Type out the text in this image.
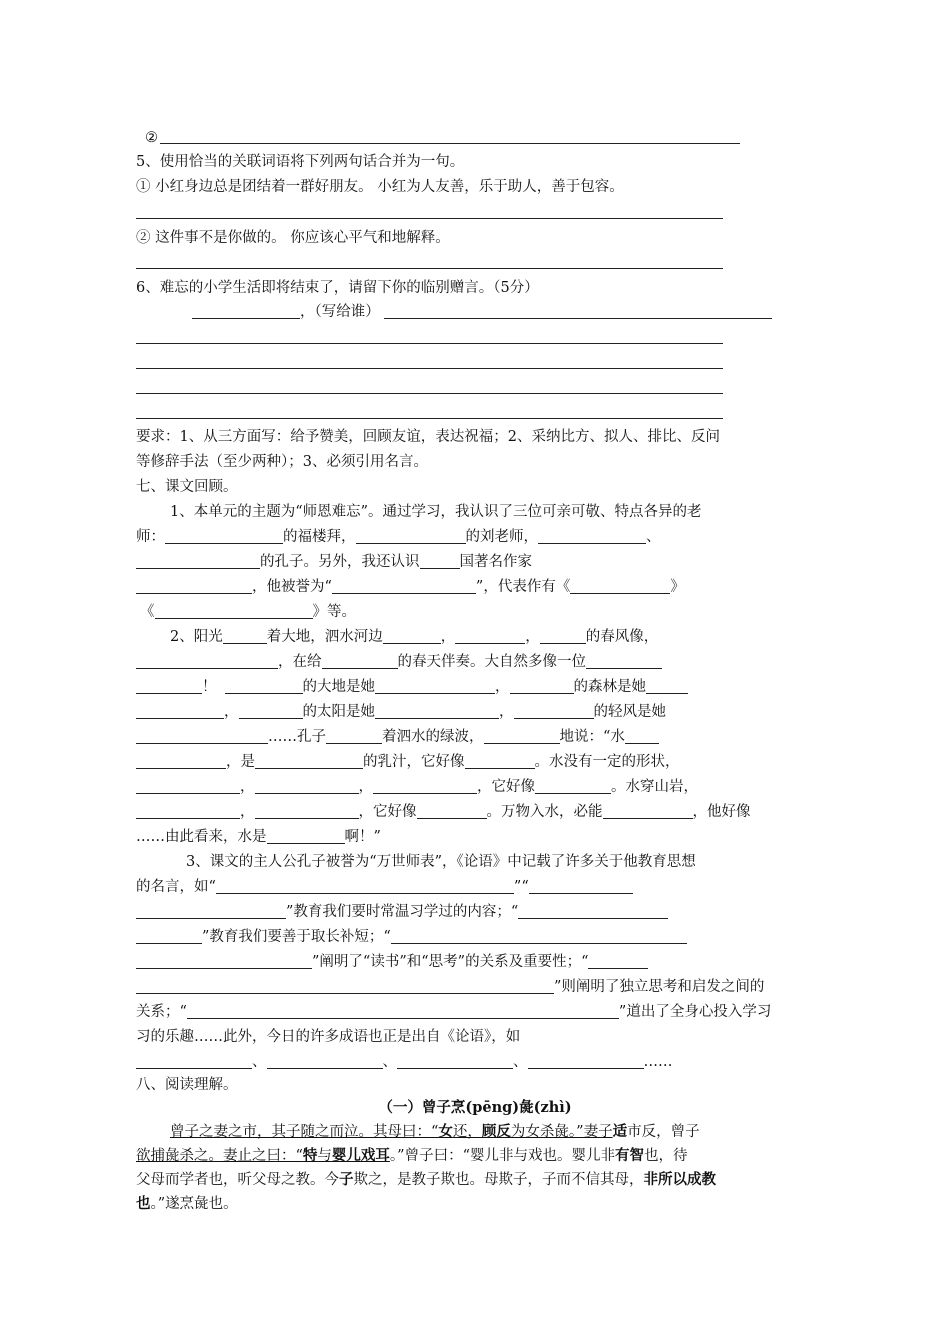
②
5、使用恰当的关联词语将下列两句话合并为一句。
① 小红身边总是团结着一群好朋友。 小红为人友善，乐于助人，善于包容。
② 这件事不是你做的。 你应该心平气和地解释。
6、难忘的小学生活即将结束了，请留下你的临别赠言。（5分）
，（写给谁）
要求：1、从三方面写：给予赞美，回顾友谊，表达祝福；2、采纳比方、拟人、排比、反问
等修辞手法（至少两种）；3、必须引用名言。
七、课文回顾。
1、本单元的主题为“师恩难忘”。通过学习，我认识了三位可亲可敬、特点各异的老
师：	的福楼拜，	的刘老师，	、
的孔子。另外，我还认识	国著名作家
，他被誉为“	”，代表作有《	》
《	》等。
2、阳光	着大地，泗水河边	，	，	的春风像，
，在给	的春天伴奏。大自然多像一位
！	的大地是她	，	的森林是她
，	的太阳是她	，	的轻风是她
……孔子	着泗水的绿波，	地说：“水
，是	的乳汁，它好像	。水没有一定的形状，
，	，	，它好像	。水穿山岩，
，	，它好像	。万物入水，必能	，他好像
……由此看来，水是	啊！”
3、课文的主人公孔子被誉为“万世师表”，《论语》中记载了许多关于他教育思想
的名言，如“	”“
”教育我们要时常温习学过的内容；“
”教育我们要善于取长补短；“
”阐明了“读书”和“思考”的关系及重要性；“
”则阐明了独立思考和启发之间的
关系；“	”道出了全身心投入学习
习的乐趣……此外，今日的许多成语也正是出自《论语》，如
、	、	、	……
八、阅读理解。
（一）曾子烹(pēng)彘(zhì)
曾子之妻之市，其子随之而泣。其母曰：“女还，顾反为女杀彘。”妻子适市反，曾子
欲捕彘杀之。妻止之曰：“特与婴儿戏耳。”曾子曰：“婴儿非与戏也。婴儿非有智也，待
父母而学者也，听父母之教。今子欺之，是教子欺也。母欺子，子而不信其母，非所以成教
也。”遂烹彘也。
